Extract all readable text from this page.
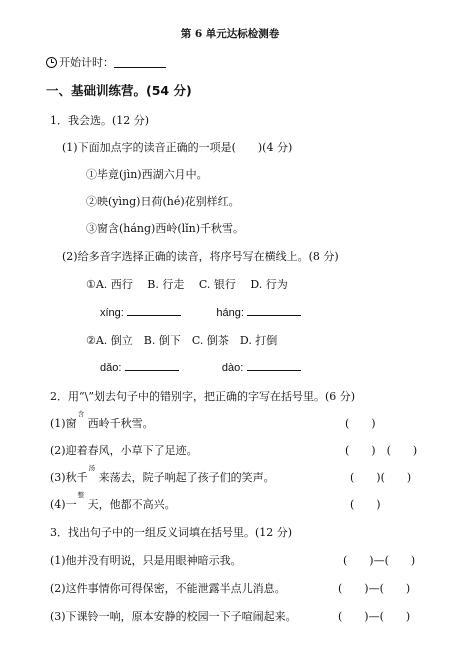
第 6 单元达标检测卷
开始计时：
一、基础训练营。(54 分)
1．我会选。(12 分)
(1)下面加点字的读音正确的一项是(　　)(4 分)
①毕竟(jìn)西湖六月中。
②映(yìng)日荷(hé)花别样红。
③窗含(hán​g)西岭(lǐn)千秋雪。
(2)给多音字选择正确的读音，将序号写在横线上。(8 分)
①A. 西行　 B. 行走　 C. 银行　 D. 行为
xíng:	háng:
②A. 倒立　B. 倒下　C. 倒茶　D. 打倒
dǎo:	dào:
2．用“\”划去句子中的错别字，把正确的字写在括号里。(6 分)
(1)窗
含
西岭千秋雪。	(　　)
(2)迎着春风，小草下了足迹。	(　　)　(　　)
(3)秋千
汤
来荡去，院子响起了孩子们的笑声。	(　　)(　　)
(4)一
整
天，他都不高兴。	(　　)
3．找出句子中的一组反义词填在括号里。(12 分)
(1)他并没有明说，只是用眼神暗示我。	(　　)—(　　)
(2)这件事情你可得保密，不能泄露半点儿消息。	(　　)—(　　)
(3)下课铃一响，原本安静的校园一下子喧闹起来。	(　　)—(　　)
